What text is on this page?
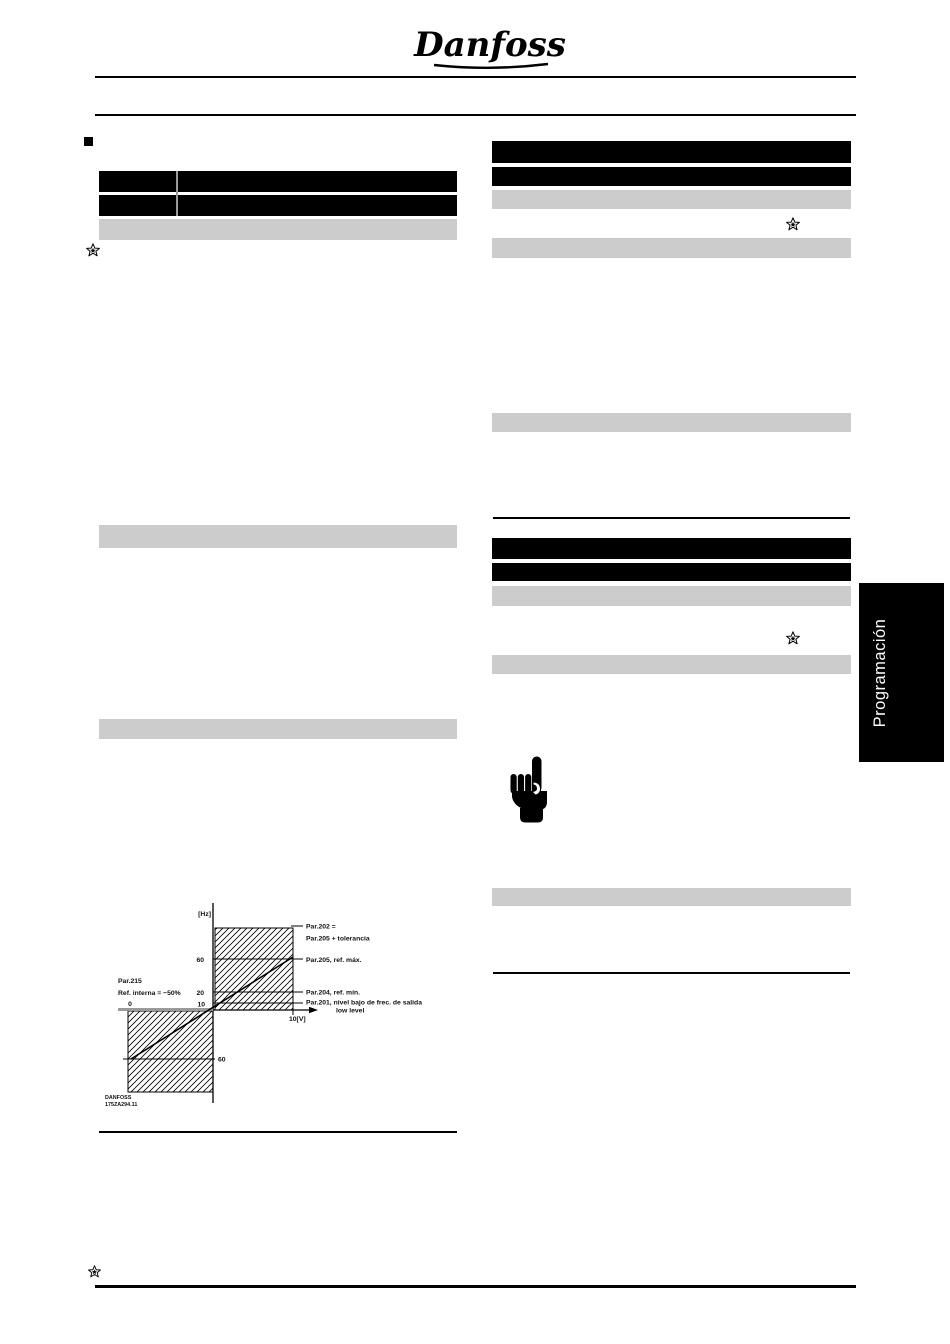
Danfoss
[Hz]
60
20
10
0
60
10[V]
Par.215
Ref. interna = −50%
Par.202 =
Par.205 + tolerancia
Par.205, ref. máx.
Par.204, ref. mín.
Par.201, nivel bajo de frec. de salida
low level
DANFOSS
175ZA294.11
Programación
